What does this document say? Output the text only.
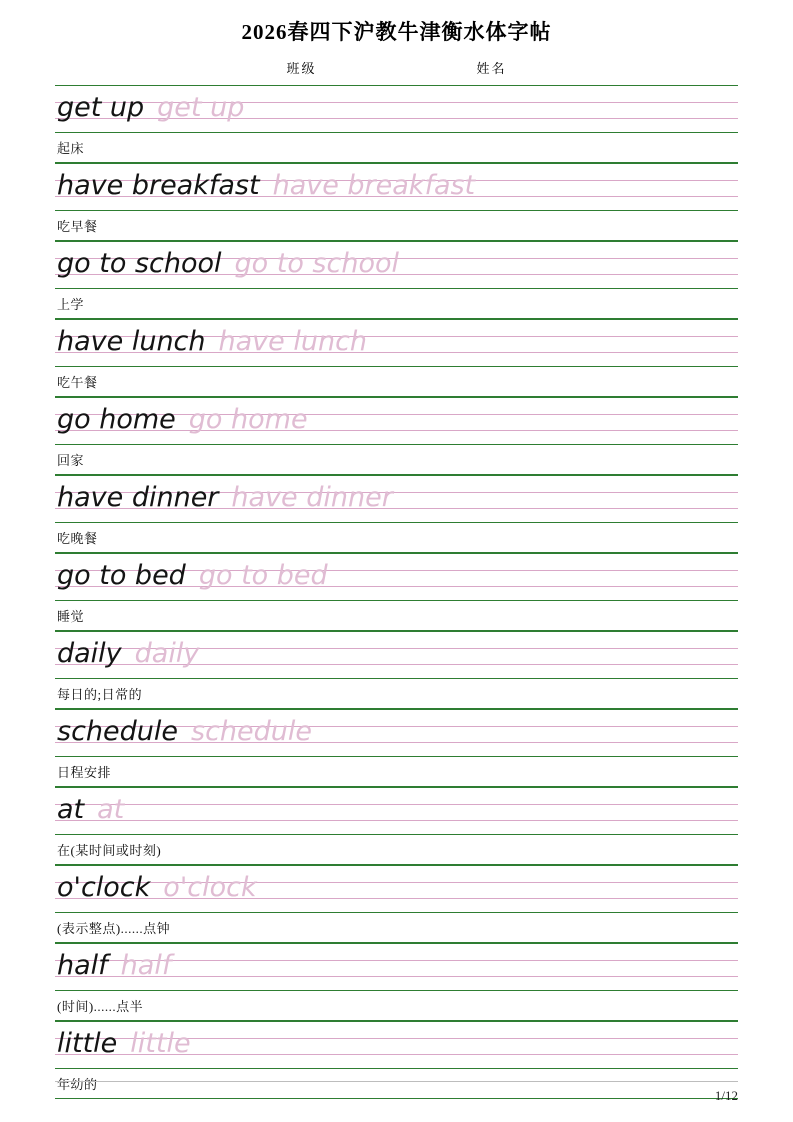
2026春四下沪教牛津衡水体字帖
班级	姓名
get up get up
起床
have breakfast have breakfast
吃早餐
go to school go to school
上学
have lunch have lunch
吃午餐
go home go home
回家
have dinner have dinner
吃晚餐
go to bed go to bed
睡觉
daily daily
每日的;日常的
schedule schedule
日程安排
at at
在(某时间或时刻)
o'clock o'clock
(表示整点)......点钟
half half
(时间)......点半
little little
年幼的
1/12
